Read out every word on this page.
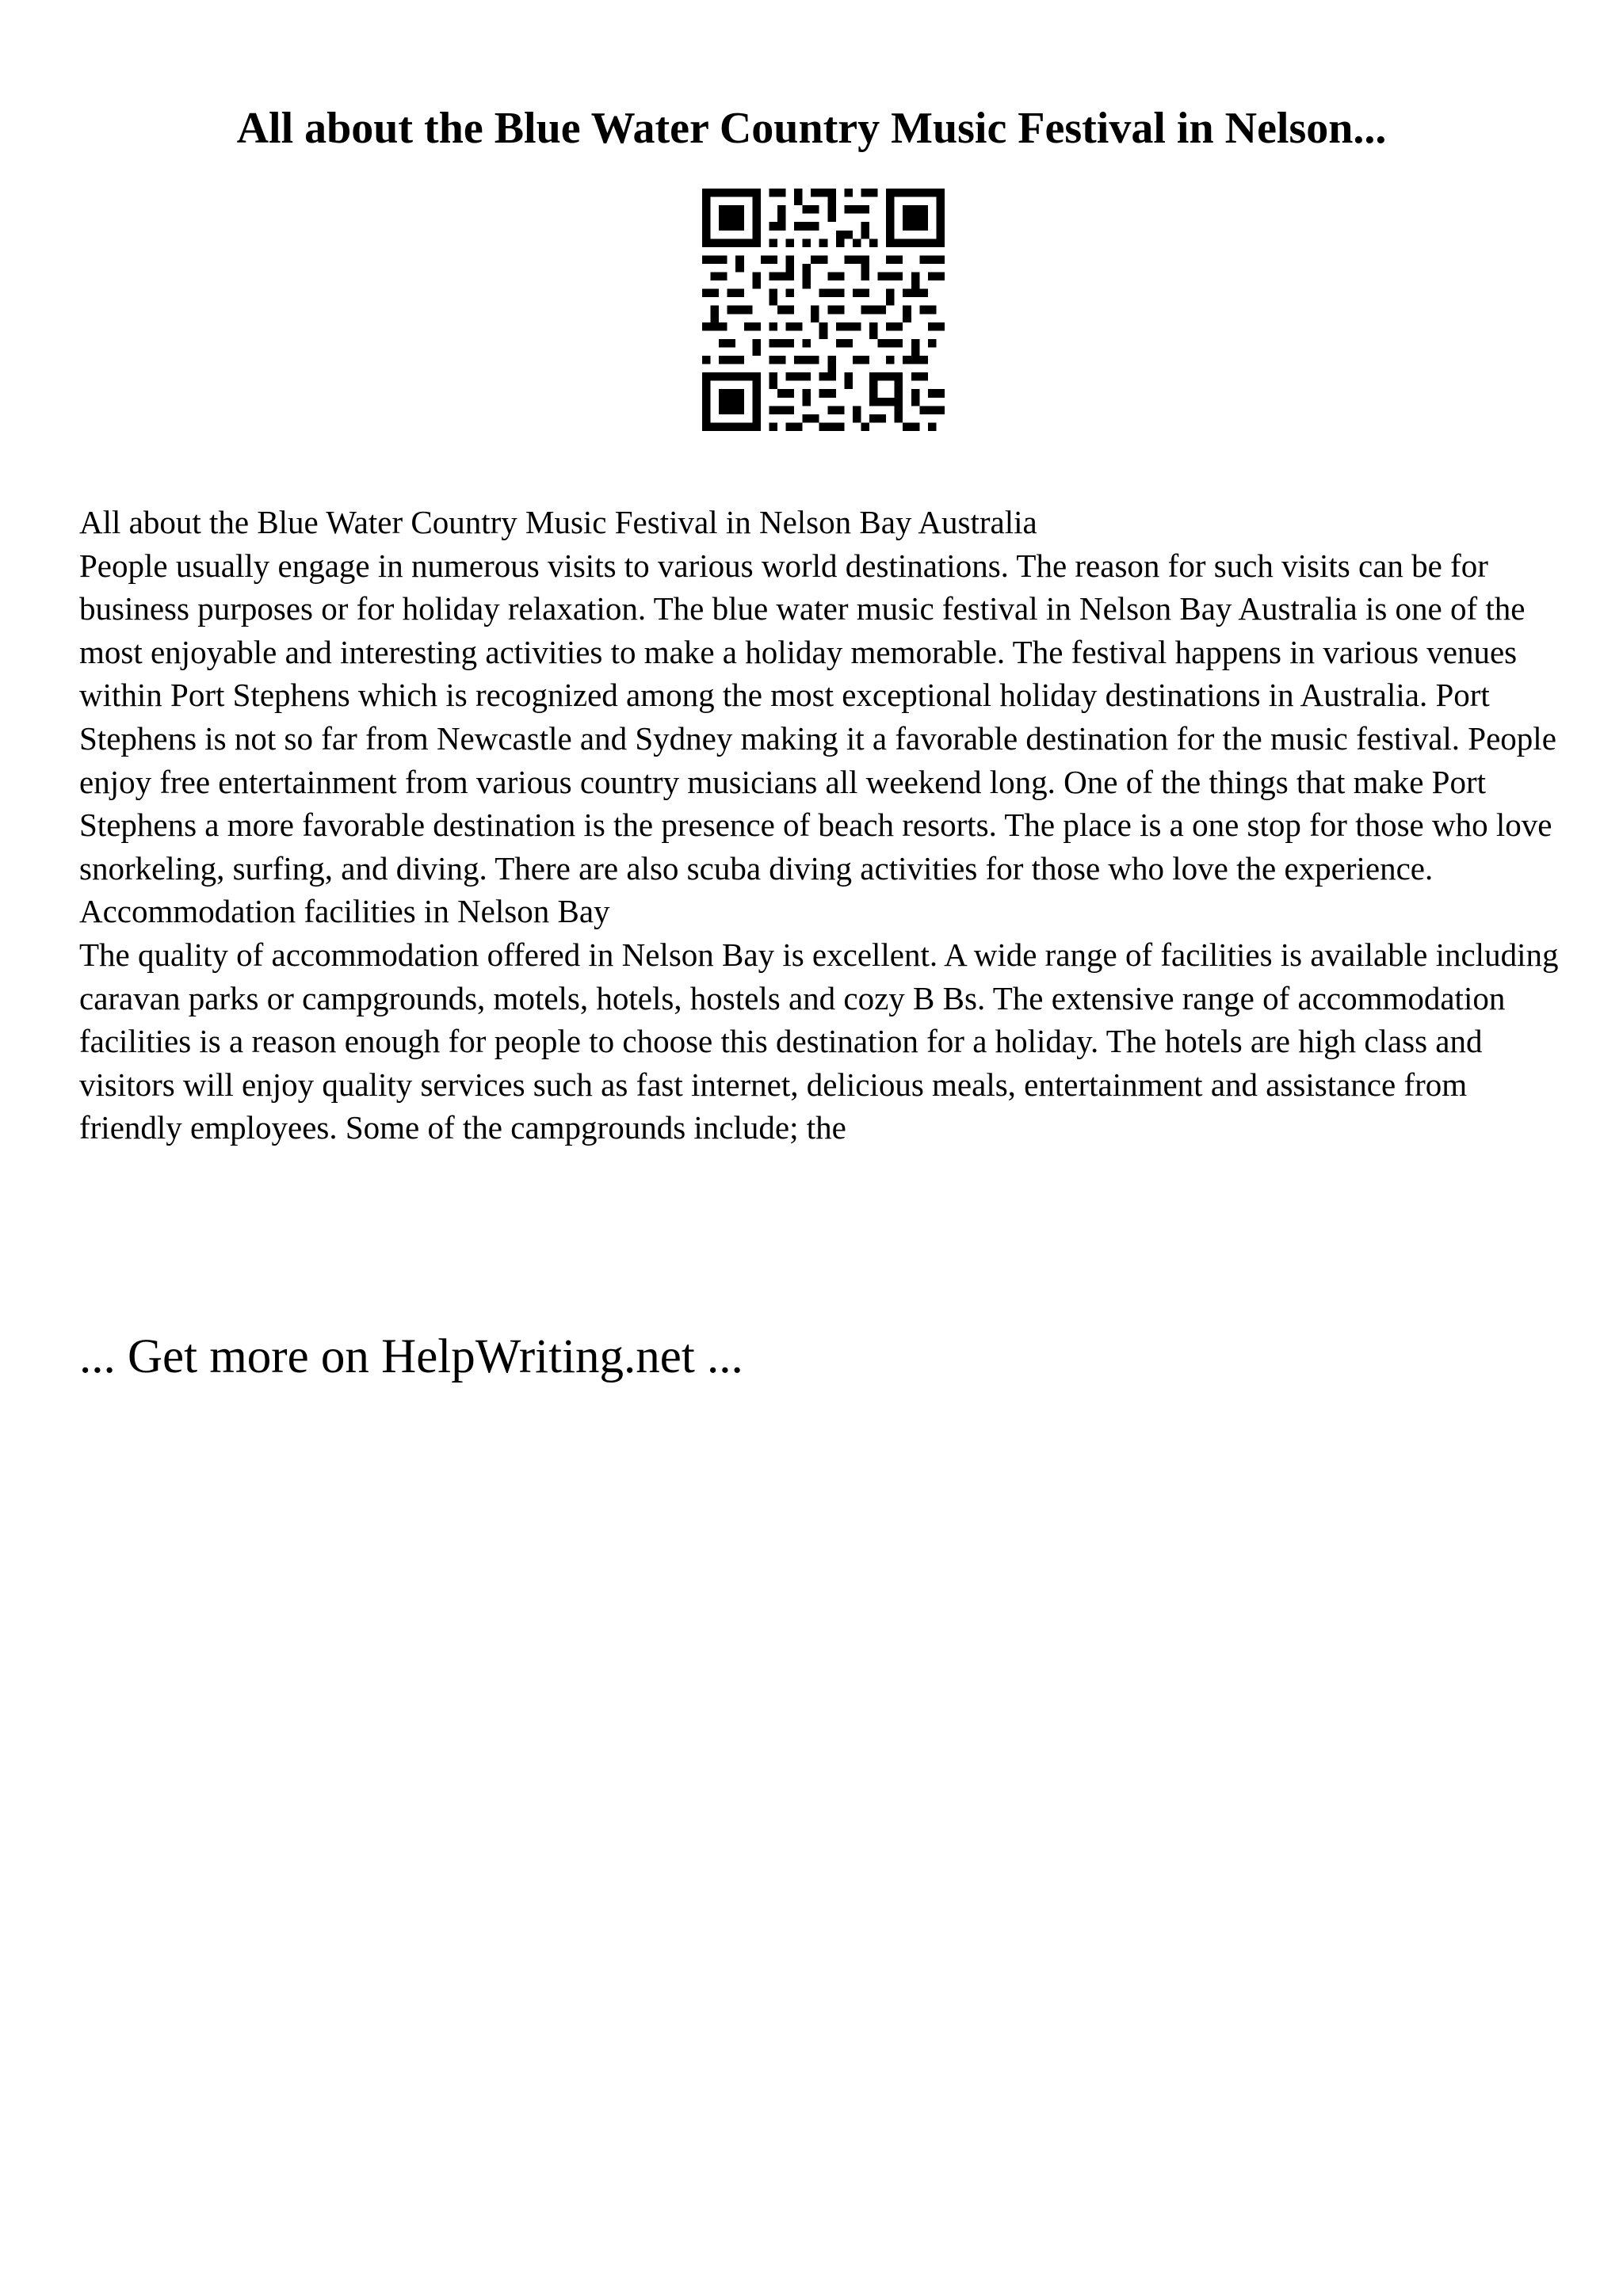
All about the Blue Water Country Music Festival in Nelson...

All about the Blue Water Country Music Festival in Nelson Bay Australia

People usually engage in numerous visits to various world destinations. The reason for such visits can be for business purposes or for holiday relaxation. The blue water music festival in Nelson Bay Australia is one of the most enjoyable and interesting activities to make a holiday memorable. The festival happens in various venues within Port Stephens which is recognized among the most exceptional holiday destinations in Australia. Port Stephens is not so far from Newcastle and Sydney making it a favorable destination for the music festival. People enjoy free entertainment from various country musicians all weekend long. One of the things that make Port Stephens a more favorable destination is the presence of beach resorts. The place is a one stop for those who love snorkeling, surfing, and diving. There are also scuba diving activities for those who love the experience.

Accommodation facilities in Nelson Bay

The quality of accommodation offered in Nelson Bay is excellent. A wide range of facilities is available including caravan parks or campgrounds, motels, hotels, hostels and cozy B Bs. The extensive range of accommodation facilities is a reason enough for people to choose this destination for a holiday. The hotels are high class and visitors will enjoy quality services such as fast internet, delicious meals, entertainment and assistance from friendly employees. Some of the campgrounds include; the

... Get more on HelpWriting.net ...
